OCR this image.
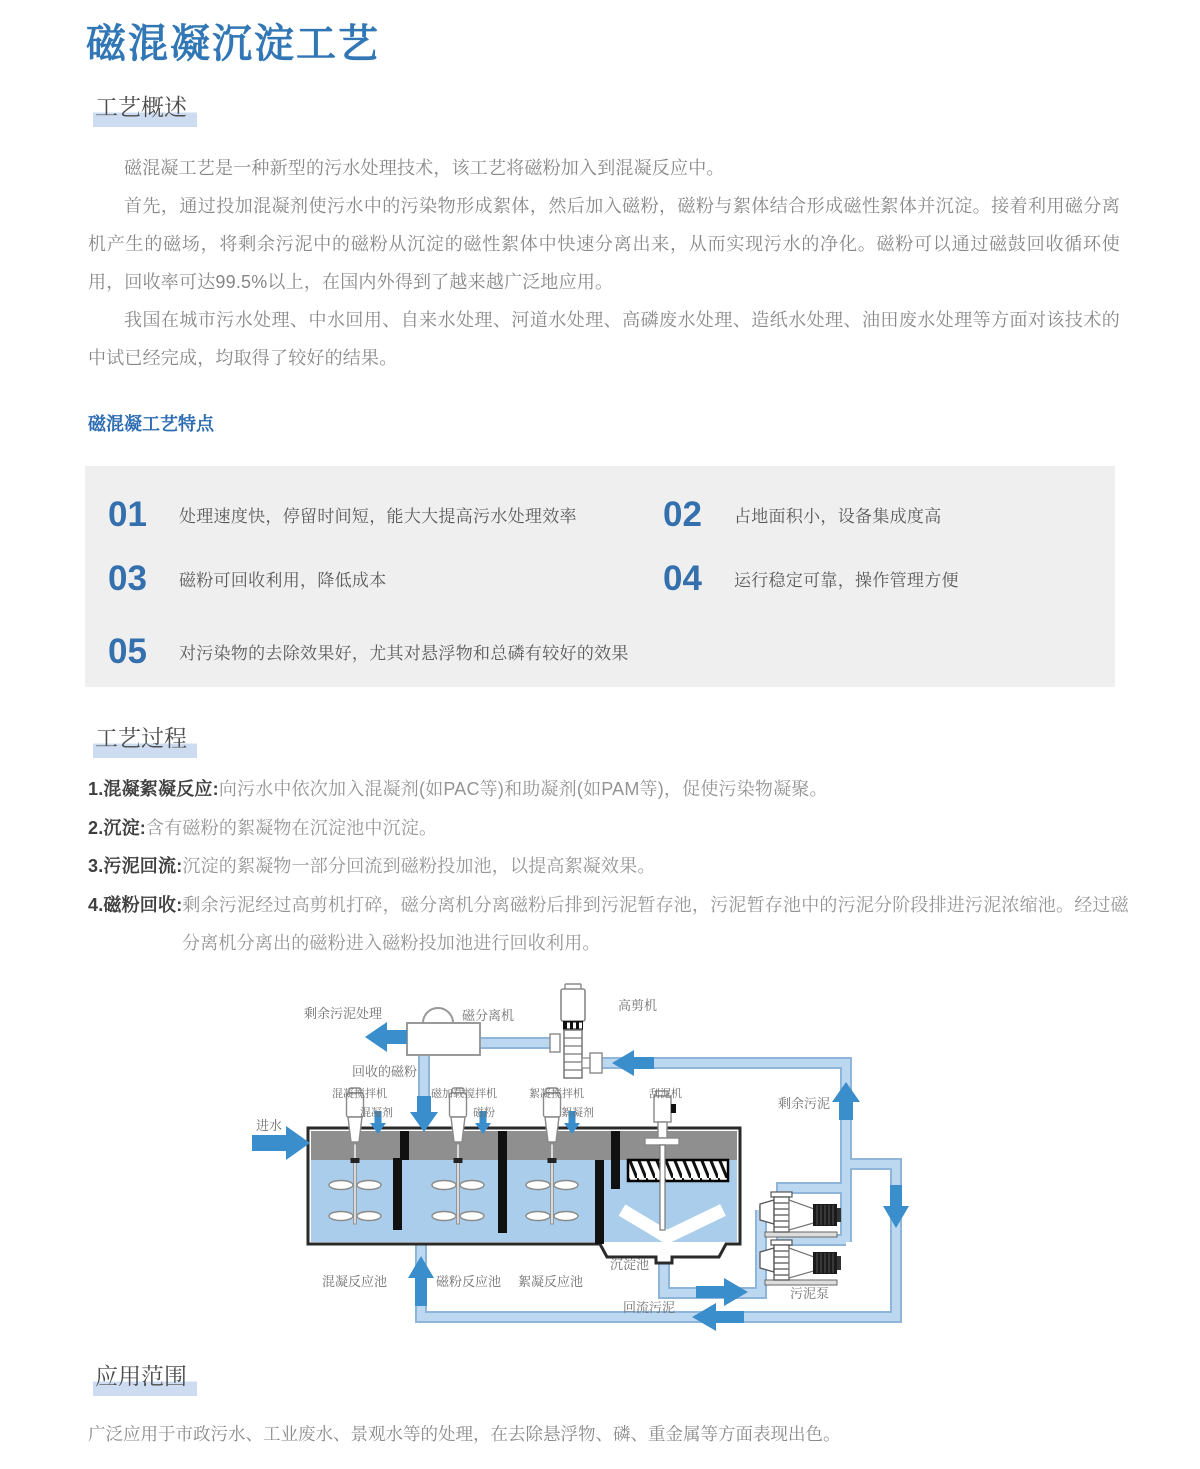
磁混凝沉淀工艺
工艺概述

磁混凝工艺是一种新型的污水处理技术，该工艺将磁粉加入到混凝反应中。

首先，通过投加混凝剂使污水中的污染物形成絮体，然后加入磁粉，磁粉与絮体结合形成磁性絮体并沉淀。接着利用磁分离机产生的磁场，将剩余污泥中的磁粉从沉淀的磁性絮体中快速分离出来，从而实现污水的净化。磁粉可以通过磁鼓回收循环使用，回收率可达99.5%以上，在国内外得到了越来越广泛地应用。

我国在城市污水处理、中水回用、自来水处理、河道水处理、高磷废水处理、造纸水处理、油田废水处理等方面对该技术的中试已经完成，均取得了较好的结果。

磁混凝工艺特点
01 处理速度快，停留时间短，能大大提高污水处理效率 02 占地面积小，设备集成度高
03 磁粉可回收利用，降低成本	04 运行稳定可靠，操作管理方便
05 对污染物的去除效果好，尤其对悬浮物和总磷有较好的效果
工艺过程

1.混凝絮凝反应:向污水中依次加入混凝剂(如PAC等)和助凝剂(如PAM等)，促使污染物凝聚。

2.沉淀:含有磁粉的絮凝物在沉淀池中沉淀。

3.污泥回流:沉淀的絮凝物一部分回流到磁粉投加池，以提高絮凝效果。

4.磁粉回收:剩余污泥经过高剪机打碎，磁分离机分离磁粉后排到污泥暂存池，污泥暂存池中的污泥分阶段排进污泥浓缩池。经过磁分离机分离出的磁粉进入磁粉投加池进行回收利用。

剩余污泥处理	磁分离机
高剪机
回收的磁粉
混凝搅拌机
混凝剂
磁加载搅拌机
磁粉
絮凝搅拌机
絮凝剂
刮泥机
进水
剩余污泥
混凝反应池	磁粉反应池 絮凝反应池
沉淀池
污泥泵
回流污泥
应用范围
广泛应用于市政污水、工业废水、景观水等的处理，在去除悬浮物、磷、重金属等方面表现出色。
